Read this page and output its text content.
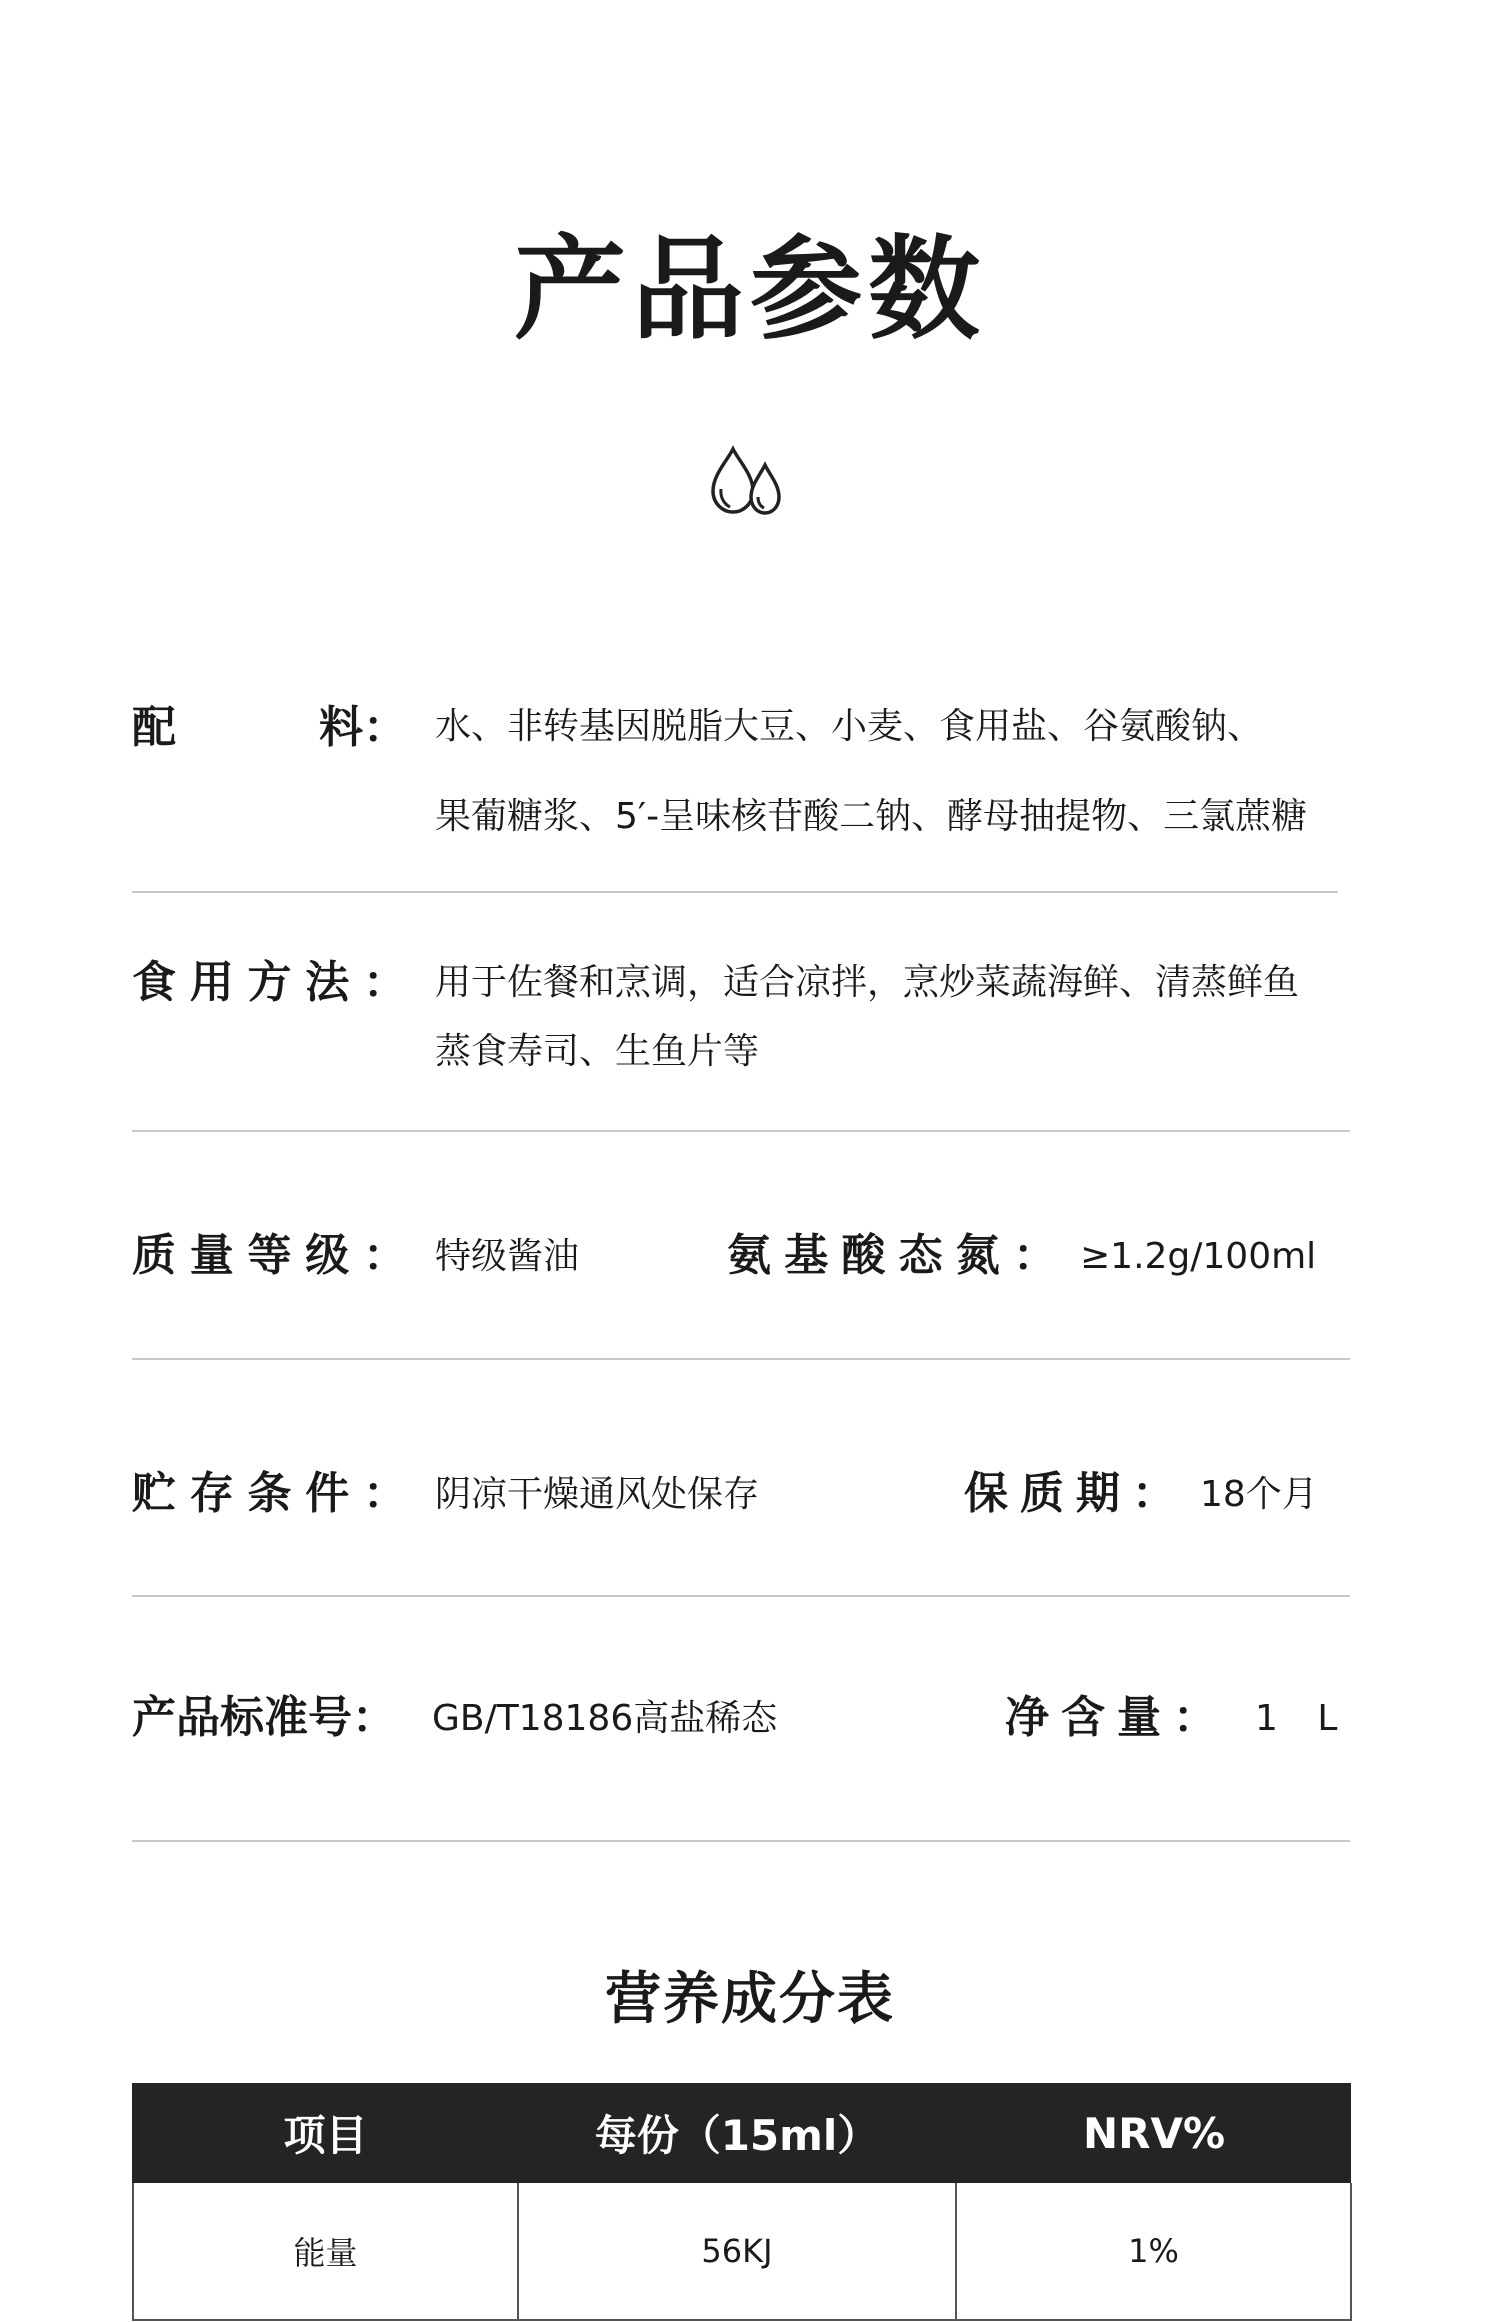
产品参数
配	料： 水、非转基因脱脂大豆、小麦、食用盐、谷氨酸钠、
果葡糖浆、5′-呈味核苷酸二钠、酵母抽提物、三氯蔗糖
食 用 方 法 ： 用于佐餐和烹调，适合凉拌，烹炒菜蔬海鲜、清蒸鲜鱼
蒸食寿司、生鱼片等
质 量 等 级 ： 特级酱油	氨 基 酸 态 氮 ： ≥1.2g/100ml
贮 存 条 件 ： 阴凉干燥通风处保存	保 质 期 ： 18个月
产品标准号： GB/T18186高盐稀态	净 含 量 ： 1 L
营养成分表
项目	每份（15ml）	NRV%
能量	56KJ	1%
